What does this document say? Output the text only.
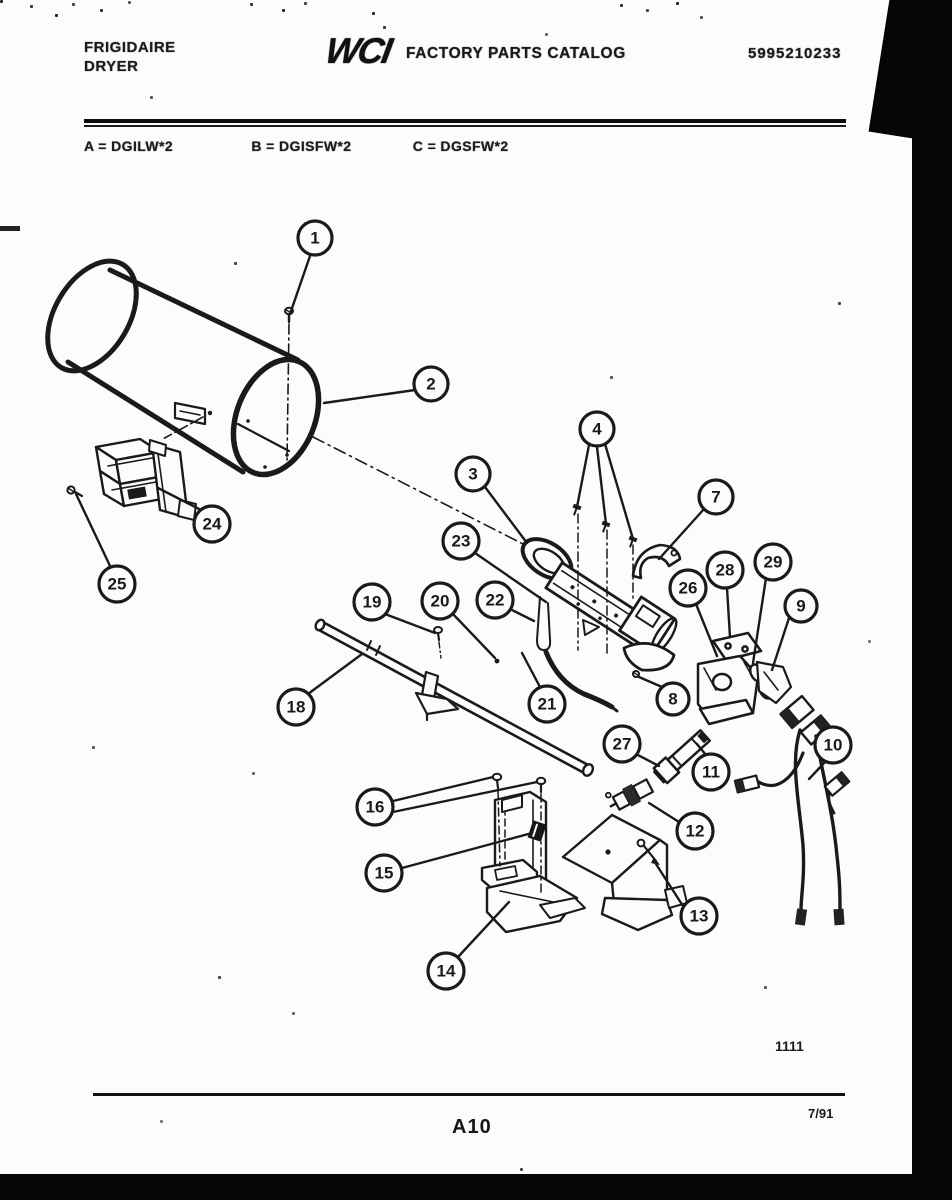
FRIGIDAIRE
DRYER	WCI FACTORY PARTS CATALOG	5995210233
A = DGILW*2	B = DGISFW*2	C = DGSFW*2
1
2
3
4
7
8
9
10
11
12
13
14
15
16
18
19	20
21
22
23
24
25	26
27
28 29
1111
A10
7/91
